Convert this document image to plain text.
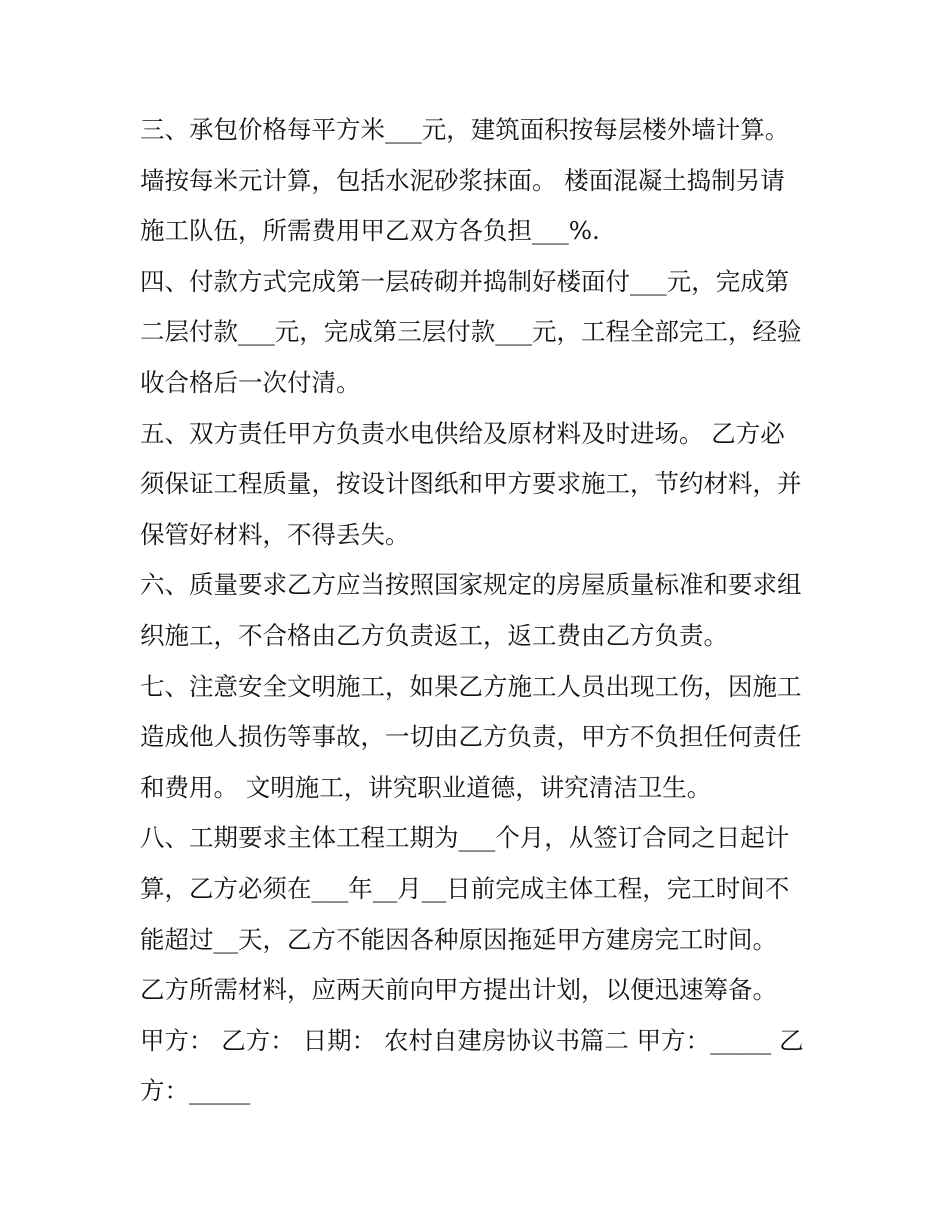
三、承包价格每平方米___元，建筑面积按每层楼外墙计算。
墙按每米元计算，包括水泥砂浆抹面。 楼面混凝土捣制另请
施工队伍，所需费用甲乙双方各负担___%.
四、付款方式完成第一层砖砌并捣制好楼面付___元，完成第
二层付款___元，完成第三层付款___元，工程全部完工，经验
收合格后一次付清。
五、双方责任甲方负责水电供给及原材料及时进场。 乙方必
须保证工程质量，按设计图纸和甲方要求施工，节约材料，并
保管好材料，不得丢失。
六、质量要求乙方应当按照国家规定的房屋质量标准和要求组
织施工，不合格由乙方负责返工，返工费由乙方负责。
七、注意安全文明施工，如果乙方施工人员出现工伤，因施工
造成他人损伤等事故，一切由乙方负责，甲方不负担任何责任
和费用。 文明施工，讲究职业道德，讲究清洁卫生。
八、工期要求主体工程工期为___个月，从签订合同之日起计
算，乙方必须在___年__月__日前完成主体工程，完工时间不
能超过__天，乙方不能因各种原因拖延甲方建房完工时间。
乙方所需材料，应两天前向甲方提出计划，以便迅速筹备。
甲方： 乙方： 日期： 农村自建房协议书篇二 甲方：_____ 乙
方：_____
